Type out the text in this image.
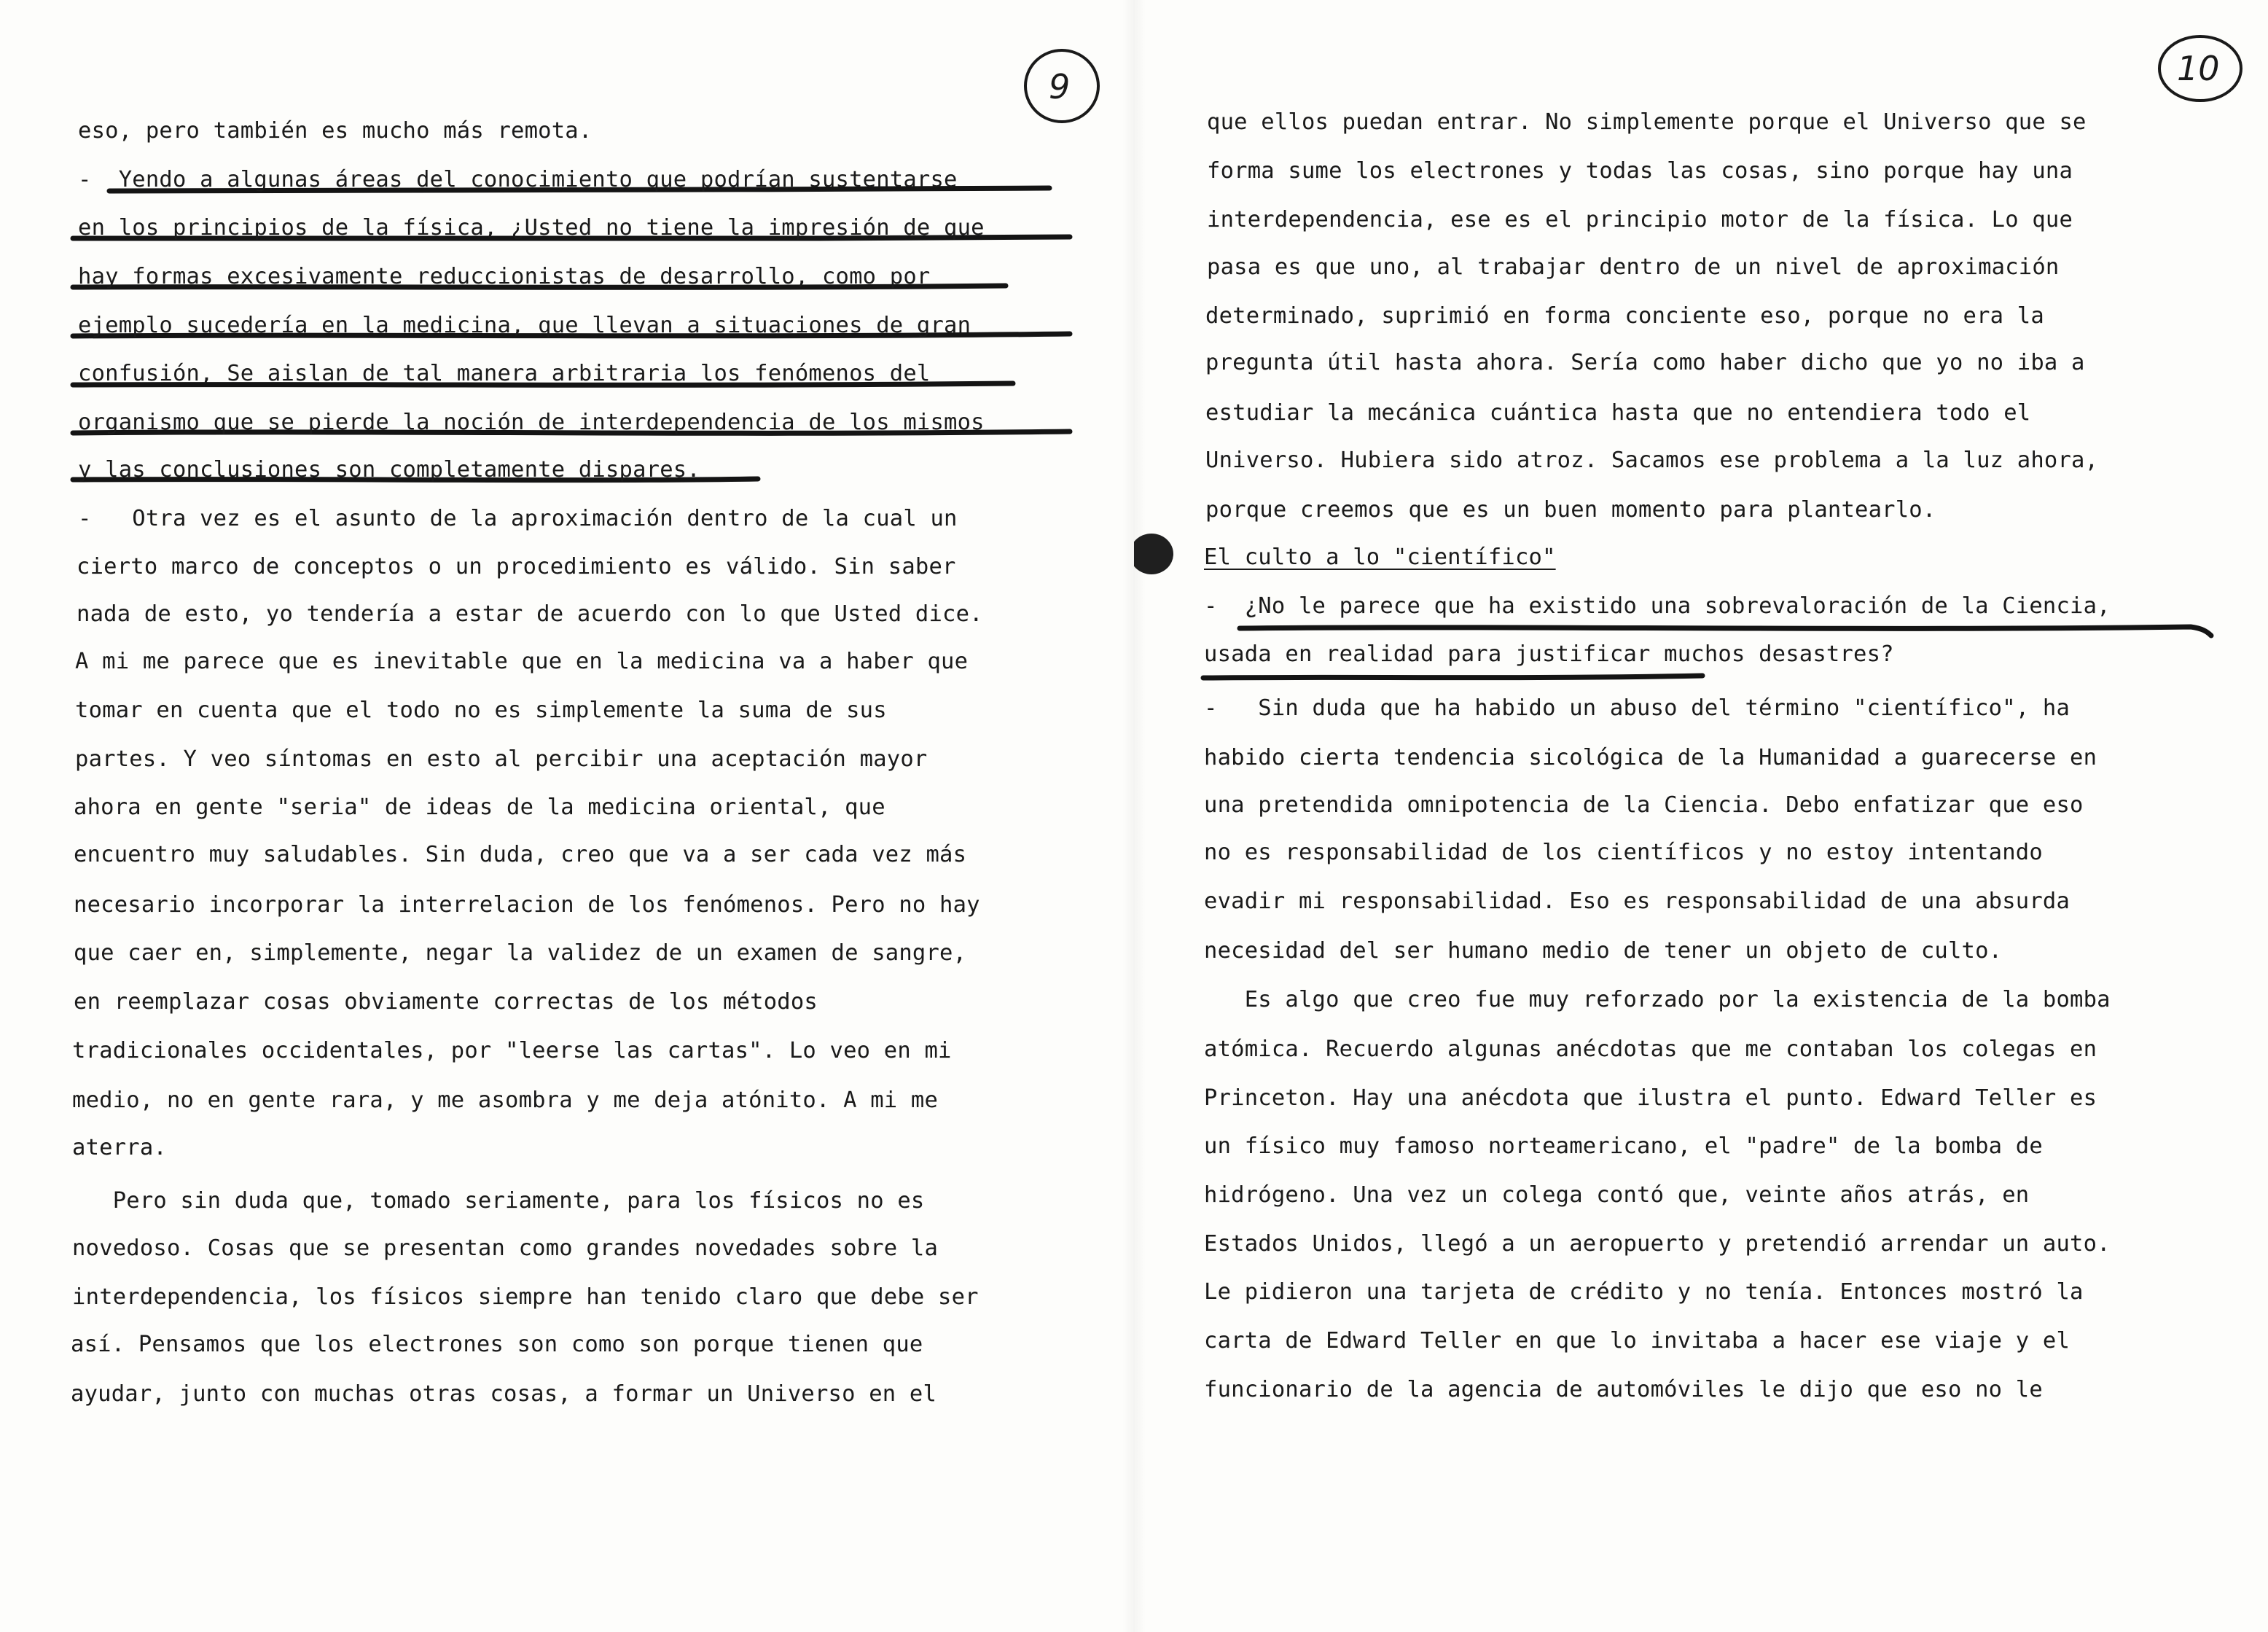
9
eso, pero también es mucho más remota.
-  Yendo a algunas áreas del conocimiento que podrían sustentarse
en los principios de la física, ¿Usted no tiene la impresión de que
hay formas excesivamente reduccionistas de desarrollo, como por
ejemplo sucedería en la medicina, que llevan a situaciones de gran
confusión, Se aislan de tal manera arbitraria los fenómenos del
organismo que se pierde la noción de interdependencia de los mismos
y las conclusiones son completamente dispares.
-   Otra vez es el asunto de la aproximación dentro de la cual un
cierto marco de conceptos o un procedimiento es válido. Sin saber
nada de esto, yo tendería a estar de acuerdo con lo que Usted dice.
A mi me parece que es inevitable que en la medicina va a haber que
tomar en cuenta que el todo no es simplemente la suma de sus
partes. Y veo síntomas en esto al percibir una aceptación mayor
ahora en gente "seria" de ideas de la medicina oriental, que
encuentro muy saludables. Sin duda, creo que va a ser cada vez más
necesario incorporar la interrelacion de los fenómenos. Pero no hay
que caer en, simplemente, negar la validez de un examen de sangre,
en reemplazar cosas obviamente correctas de los métodos
tradicionales occidentales, por "leerse las cartas". Lo veo en mi
medio, no en gente rara, y me asombra y me deja atónito. A mi me
aterra.
Pero sin duda que, tomado seriamente, para los físicos no es
novedoso. Cosas que se presentan como grandes novedades sobre la
interdependencia, los físicos siempre han tenido claro que debe ser
así. Pensamos que los electrones son como son porque tienen que
ayudar, junto con muchas otras cosas, a formar un Universo en el
10
que ellos puedan entrar. No simplemente porque el Universo que se
forma sume los electrones y todas las cosas, sino porque hay una
interdependencia, ese es el principio motor de la física. Lo que
pasa es que uno, al trabajar dentro de un nivel de aproximación
determinado, suprimió en forma conciente eso, porque no era la
pregunta útil hasta ahora. Sería como haber dicho que yo no iba a
estudiar la mecánica cuántica hasta que no entendiera todo el
Universo. Hubiera sido atroz. Sacamos ese problema a la luz ahora,
porque creemos que es un buen momento para plantearlo.
El culto a lo "científico"
-  ¿No le parece que ha existido una sobrevaloración de la Ciencia,
usada en realidad para justificar muchos desastres?
-   Sin duda que ha habido un abuso del término "científico", ha
habido cierta tendencia sicológica de la Humanidad a guarecerse en
una pretendida omnipotencia de la Ciencia. Debo enfatizar que eso
no es responsabilidad de los científicos y no estoy intentando
evadir mi responsabilidad. Eso es responsabilidad de una absurda
necesidad del ser humano medio de tener un objeto de culto.
Es algo que creo fue muy reforzado por la existencia de la bomba
atómica. Recuerdo algunas anécdotas que me contaban los colegas en
Princeton. Hay una anécdota que ilustra el punto. Edward Teller es
un físico muy famoso norteamericano, el "padre" de la bomba de
hidrógeno. Una vez un colega contó que, veinte años atrás, en
Estados Unidos, llegó a un aeropuerto y pretendió arrendar un auto.
Le pidieron una tarjeta de crédito y no tenía. Entonces mostró la
carta de Edward Teller en que lo invitaba a hacer ese viaje y el
funcionario de la agencia de automóviles le dijo que eso no le
